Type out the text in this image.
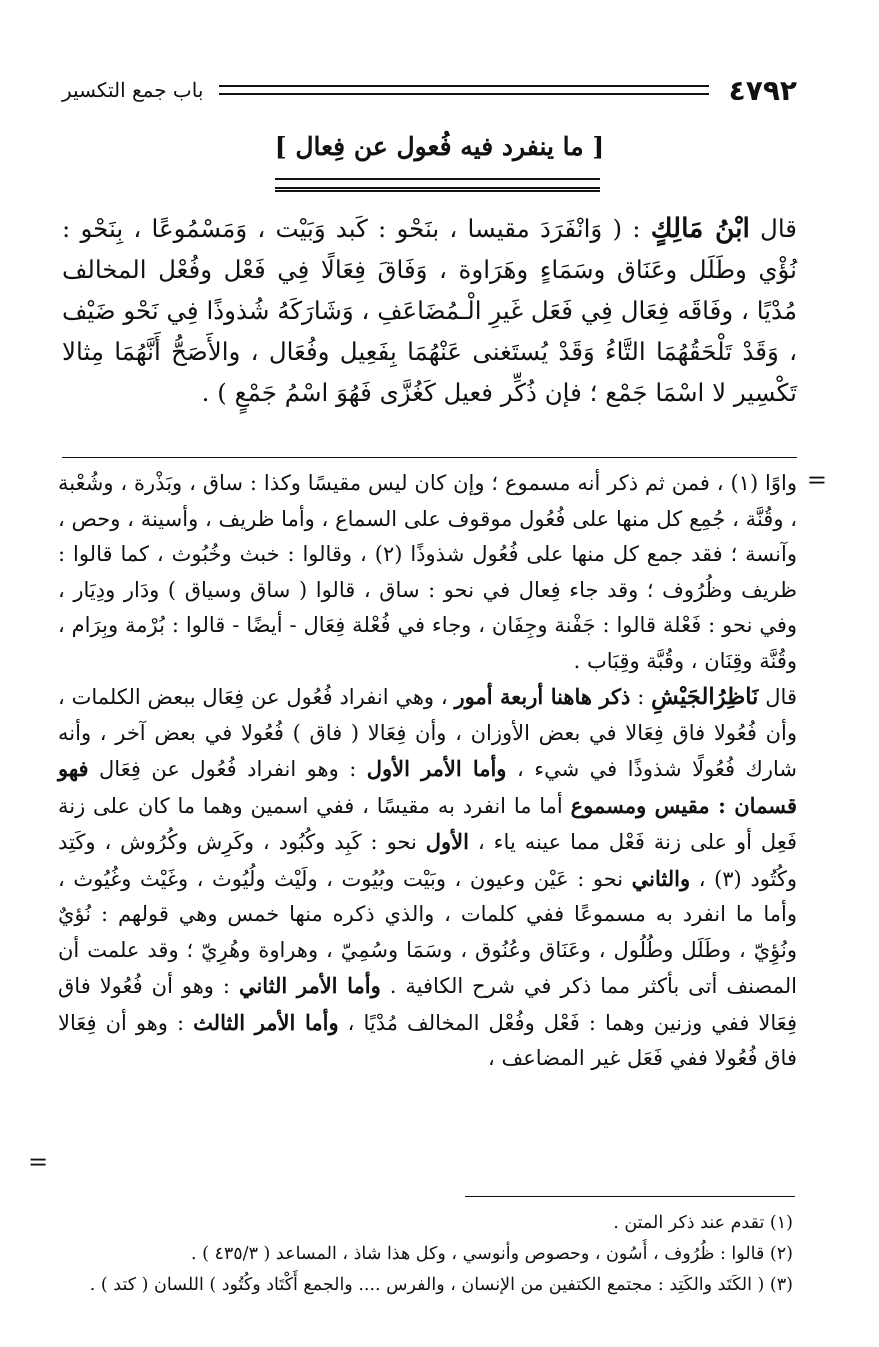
٤٧٩٢
باب جمع التكسير
[ ما ينفرد فيه فُعول عن فِعال ]
قال ابْنُ مَالِكٍ : ( وَانْفَرَدَ مقيسا ، بنَحْو : كَبد وَبَيْت ، وَمَسْمُوعًا ، بِنَحْو : نُؤْي وطَلَل وعَنَاق وسَمَاءٍ وهَرَاوة ، وَفَاقَ فِعَالًا فِي فَعْل وفُعْل المخالف مُدْيًا ، وفَاقَه فِعَال فِي فَعَل غَيرِ الْـمُضَاعَفِ ، وَشَارَكَهُ شُذوذًا فِي نَحْو ضَيْف ، وَقَدْ تَلْحَقُهُمَا التَّاءُ وَقَدْ يُستَغنى عَنْهُمَا بِفَعِيل وفُعَال ، والأَصَحُّ أَنَّهُمَا مِثالا تَكْسِير لا اسْمَا جَمْع ؛ فإن ذُكِّر فعيل كَغُزَّى فَهُوَ اسْمُ جَمْعٍ ) .
=

واوًا (١) ، فمن ثم ذكر أنه مسموع ؛ وإن كان ليس مقيسًا وكذا : ساق ، وبَذْرة ، وشُعْبة ، وقُنَّة ، جُمِع كل منها على فُعُول موقوف على السماع ، وأما ظريف ، وأسينة ، وحص ، وآنسة ؛ فقد جمع كل منها على فُعُول شذوذًا (٢) ، وقالوا : خبث وخُبُوث ، كما قالوا : ظريف وظُرُوف ؛ وقد جاء فِعال في نحو : ساق ، قالوا ( ساق وسياق ) ودَار ودِيَار ، وفي نحو : فَعْلة قالوا : جَفْنة وجِفَان ، وجاء في فُعْلة فِعَال - أيضًا - قالوا : بُرْمة وبِرَام ، وقُنَّة وقِنَان ، وقُبَّة وقِبَاب .

قال نَاظِرُالجَيْشِ : ذكر هاهنا أربعة أمور ، وهي انفراد فُعُول عن فِعَال ببعض الكلمات ، وأن فُعُولا فاق فِعَالا في بعض الأوزان ، وأن فِعَالا ( فاق ) فُعُولا في بعض آخر ، وأنه شارك فُعُولًا شذوذًا في شيء ، وأما الأمر الأول : وهو انفراد فُعُول عن فِعَال فهو قسمان : مقيس ومسموع أما ما انفرد به مقيسًا ، ففي اسمين وهما ما كان على زنة فَعِل أو على زنة فَعْل مما عينه ياء ، الأول نحو : كَبِد وكُبُود ، وكَرِش وكُرُوش ، وكَتِد وكُتُود (٣) ، والثاني نحو : عَيْن وعيون ، وبَيْت وبُيُوت ، ولَيْث ولُيُوث ، وغَيْث وغُيُوث ، وأما ما انفرد به مسموعًا ففي كلمات ، والذي ذكره منها خمس وهي قولهم : نُؤيٌ ونُؤِيّ ، وطَلَل وطُلُول ، وعَنَاق وعُنُوق ، وسَمَا وسُمِيّ ، وهراوة وهُرِيّ ؛ وقد علمت أن المصنف أتى بأكثر مما ذكر في شرح الكافية . وأما الأمر الثاني : وهو أن فُعُولا فاق فِعَالا ففي وزنين وهما : فَعْل وفُعْل المخالف مُدْيًا ، وأما الأمر الثالث : وهو أن فِعَالا فاق فُعُولا ففي فَعَل غير المضاعف ،

=
(١) تقدم عند ذكر المتن .
(٢) قالوا : ظُرُوف ، أُسُون ، وحصوص وأنوسي ، وكل هذا شاذ ، المساعد ( ٤٣٥/٣ ) .
(٣) ( الكَتَد والكَتِد : مجتمع الكتفين من الإنسان ، والفرس .... والجمع أَكْتَاد وكُتُود ) اللسان ( كتد ) .
